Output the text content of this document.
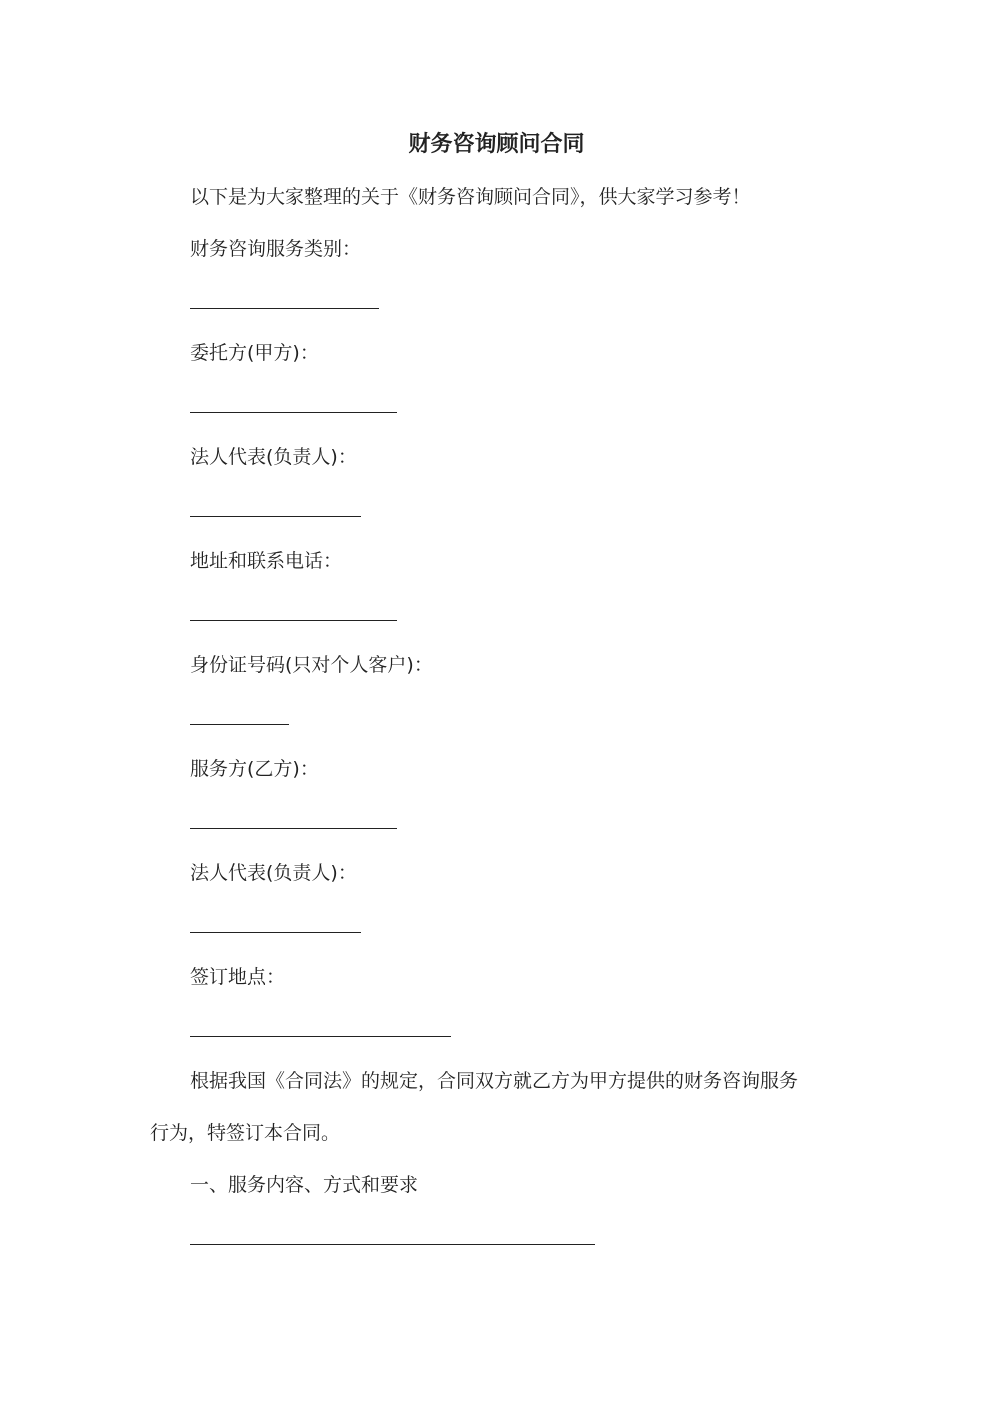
财务咨询顾问合同

以下是为大家整理的关于《财务咨询顾问合同》，供大家学习参考！

财务咨询服务类别：

委托方(甲方)：

法人代表(负责人)：

地址和联系电话：

身份证号码(只对个人客户)：

服务方(乙方)：

法人代表(负责人)：

签订地点：

根据我国《合同法》的规定，合同双方就乙方为甲方提供的财务咨询服务

行为，特签订本合同。

一、服务内容、方式和要求
